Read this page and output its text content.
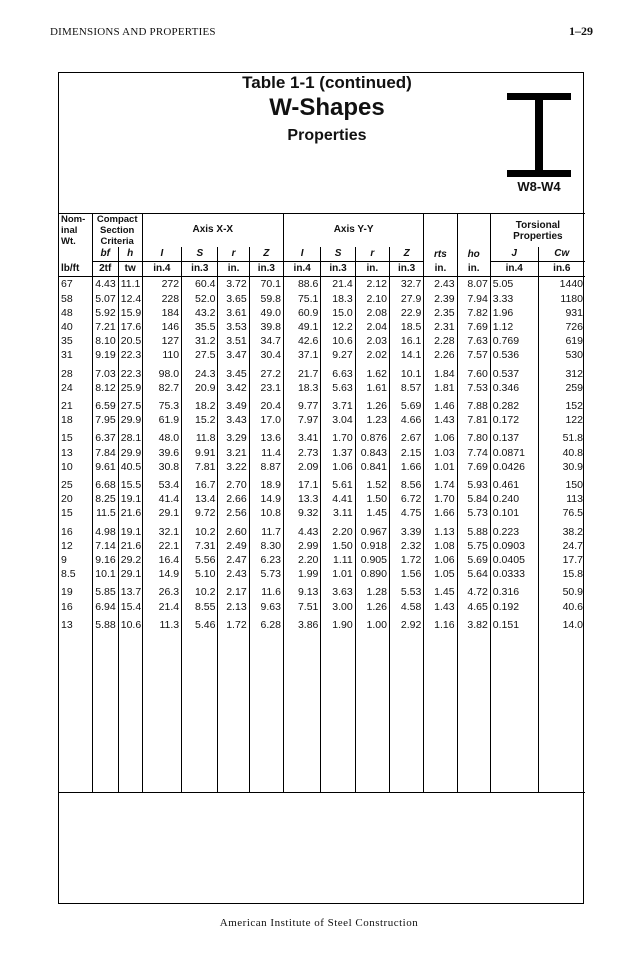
DIMENSIONS AND PROPERTIES	1–29
Table 1-1 (continued)
W-Shapes
Properties
W8-W4
Nom-inal Wt.	Compact Section Criteria		Axis X-X				Axis Y-Y				rts	ho	Torsional Properties	
	bf	h	I	S	r	Z	I	S	r	Z			J	Cw
lb/ft	2tf	tw	in.4	in.3	in.	in.3	in.4	in.3	in.	in.3	in.	in.	in.4	in.6
67	4.43	11.1	272	60.4	3.72	70.1	88.6	21.4	2.12	32.7	2.43	8.07	5.05	1440
58	5.07	12.4	228	52.0	3.65	59.8	75.1	18.3	2.10	27.9	2.39	7.94	3.33	1180
48	5.92	15.9	184	43.2	3.61	49.0	60.9	15.0	2.08	22.9	2.35	7.82	1.96	931
40	7.21	17.6	146	35.5	3.53	39.8	49.1	12.2	2.04	18.5	2.31	7.69	1.12	726
35	8.10	20.5	127	31.2	3.51	34.7	42.6	10.6	2.03	16.1	2.28	7.63	0.769	619
31	9.19	22.3	110	27.5	3.47	30.4	37.1	9.27	2.02	14.1	2.26	7.57	0.536	530
28	7.03	22.3	98.0	24.3	3.45	27.2	21.7	6.63	1.62	10.1	1.84	7.60	0.537	312
24	8.12	25.9	82.7	20.9	3.42	23.1	18.3	5.63	1.61	8.57	1.81	7.53	0.346	259
21	6.59	27.5	75.3	18.2	3.49	20.4	9.77	3.71	1.26	5.69	1.46	7.88	0.282	152
18	7.95	29.9	61.9	15.2	3.43	17.0	7.97	3.04	1.23	4.66	1.43	7.81	0.172	122
15	6.37	28.1	48.0	11.8	3.29	13.6	3.41	1.70	0.876	2.67	1.06	7.80	0.137	51.8
13	7.84	29.9	39.6	9.91	3.21	11.4	2.73	1.37	0.843	2.15	1.03	7.74	0.0871	40.8
10	9.61	40.5	30.8	7.81	3.22	8.87	2.09	1.06	0.841	1.66	1.01	7.69	0.0426	30.9
25	6.68	15.5	53.4	16.7	2.70	18.9	17.1	5.61	1.52	8.56	1.74	5.93	0.461	150
20	8.25	19.1	41.4	13.4	2.66	14.9	13.3	4.41	1.50	6.72	1.70	5.84	0.240	113
15	11.5	21.6	29.1	9.72	2.56	10.8	9.32	3.11	1.45	4.75	1.66	5.73	0.101	76.5
16	4.98	19.1	32.1	10.2	2.60	11.7	4.43	2.20	0.967	3.39	1.13	5.88	0.223	38.2
12	7.14	21.6	22.1	7.31	2.49	8.30	2.99	1.50	0.918	2.32	1.08	5.75	0.0903	24.7
9	9.16	29.2	16.4	5.56	2.47	6.23	2.20	1.11	0.905	1.72	1.06	5.69	0.0405	17.7
8.5	10.1	29.1	14.9	5.10	2.43	5.73	1.99	1.01	0.890	1.56	1.05	5.64	0.0333	15.8
19	5.85	13.7	26.3	10.2	2.17	11.6	9.13	3.63	1.28	5.53	1.45	4.72	0.316	50.9
16	6.94	15.4	21.4	8.55	2.13	9.63	7.51	3.00	1.26	4.58	1.43	4.65	0.192	40.6
13	5.88	10.6	11.3	5.46	1.72	6.28	3.86	1.90	1.00	2.92	1.16	3.82	0.151	14.0

American Institute of Steel Construction
